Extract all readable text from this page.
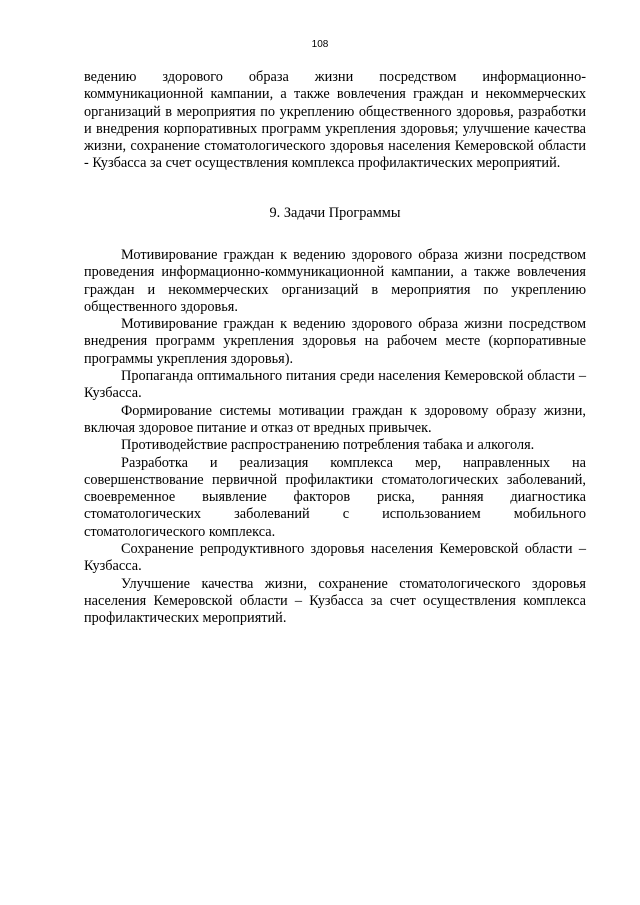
108

ведению здорового образа жизни посредством информационно-коммуникационной кампании, а также вовлечения граждан и некоммерческих организаций в мероприятия по укреплению общественного здоровья, разработки и внедрения корпоративных программ укрепления здоровья; улучшение качества жизни, сохранение стоматологического здоровья населения Кемеровской области - Кузбасса за счет осуществления комплекса профилактических мероприятий.

9. Задачи Программы

Мотивирование граждан к ведению здорового образа жизни посредством проведения информационно-коммуникационной кампании, а также вовлечения граждан и некоммерческих организаций в мероприятия по укреплению общественного здоровья.

Мотивирование граждан к ведению здорового образа жизни посредством внедрения программ укрепления здоровья на рабочем месте (корпоративные программы укрепления здоровья).

Пропаганда оптимального питания среди населения Кемеровской области – Кузбасса.

Формирование системы мотивации граждан к здоровому образу жизни, включая здоровое питание и отказ от вредных привычек.

Противодействие распространению потребления табака и алкоголя.

Разработка и реализация комплекса мер, направленных на совершенствование первичной профилактики стоматологических заболеваний, своевременное выявление факторов риска, ранняя диагностика стоматологических заболеваний с использованием мобильного стоматологического комплекса.

Сохранение репродуктивного здоровья населения Кемеровской области – Кузбасса.

Улучшение качества жизни, сохранение стоматологического здоровья населения Кемеровской области – Кузбасса за счет осуществления комплекса профилактических мероприятий.
